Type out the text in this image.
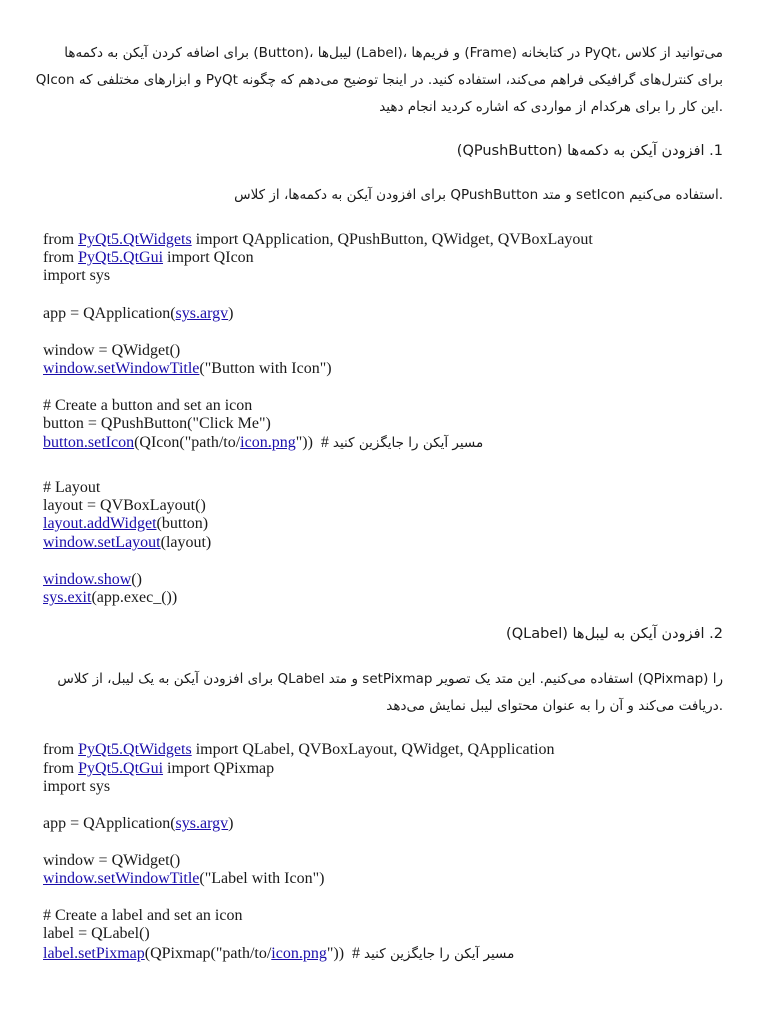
می‌توانید از کلاس ،PyQt در کتابخانه (Frame) و فریم‌ها ،(Label) لیبل‌ها ،(Button) برای اضافه کردن آیکن به دکمه‌ها
برای کنترل‌های گرافیکی فراهم می‌کند، استفاده کنید. در اینجا توضیح می‌دهم که چگونه PyQt و ابزارهای مختلفی که QIcon
.این کار را برای هرکدام از مواردی که اشاره کردید انجام دهید
1. افزودن آیکن به دکمه‌ها (QPushButton)
.استفاده می‌کنیم setIcon و متد QPushButton برای افزودن آیکن به دکمه‌ها، از کلاس
from PyQt5.QtWidgets import QApplication, QPushButton, QWidget, QVBoxLayout
from PyQt5.QtGui import QIcon
import sys
app = QApplication(sys.argv)
window = QWidget()
window.setWindowTitle("Button with Icon")
# Create a button and set an icon
button = QPushButton("Click Me")
button.setIcon(QIcon("path/to/icon.png"))  # مسیر آیکن را جایگزین کنید
# Layout
layout = QVBoxLayout()
layout.addWidget(button)
window.setLayout(layout)
window.show()
sys.exit(app.exec_())
2. افزودن آیکن به لیبل‌ها (QLabel)
را (QPixmap) استفاده می‌کنیم. این متد یک تصویر setPixmap و متد QLabel برای افزودن آیکن به یک لیبل، از کلاس
.دریافت می‌کند و آن را به عنوان محتوای لیبل نمایش می‌دهد
from PyQt5.QtWidgets import QLabel, QVBoxLayout, QWidget, QApplication
from PyQt5.QtGui import QPixmap
import sys
app = QApplication(sys.argv)
window = QWidget()
window.setWindowTitle("Label with Icon")
# Create a label and set an icon
label = QLabel()
label.setPixmap(QPixmap("path/to/icon.png"))  # مسیر آیکن را جایگزین کنید
